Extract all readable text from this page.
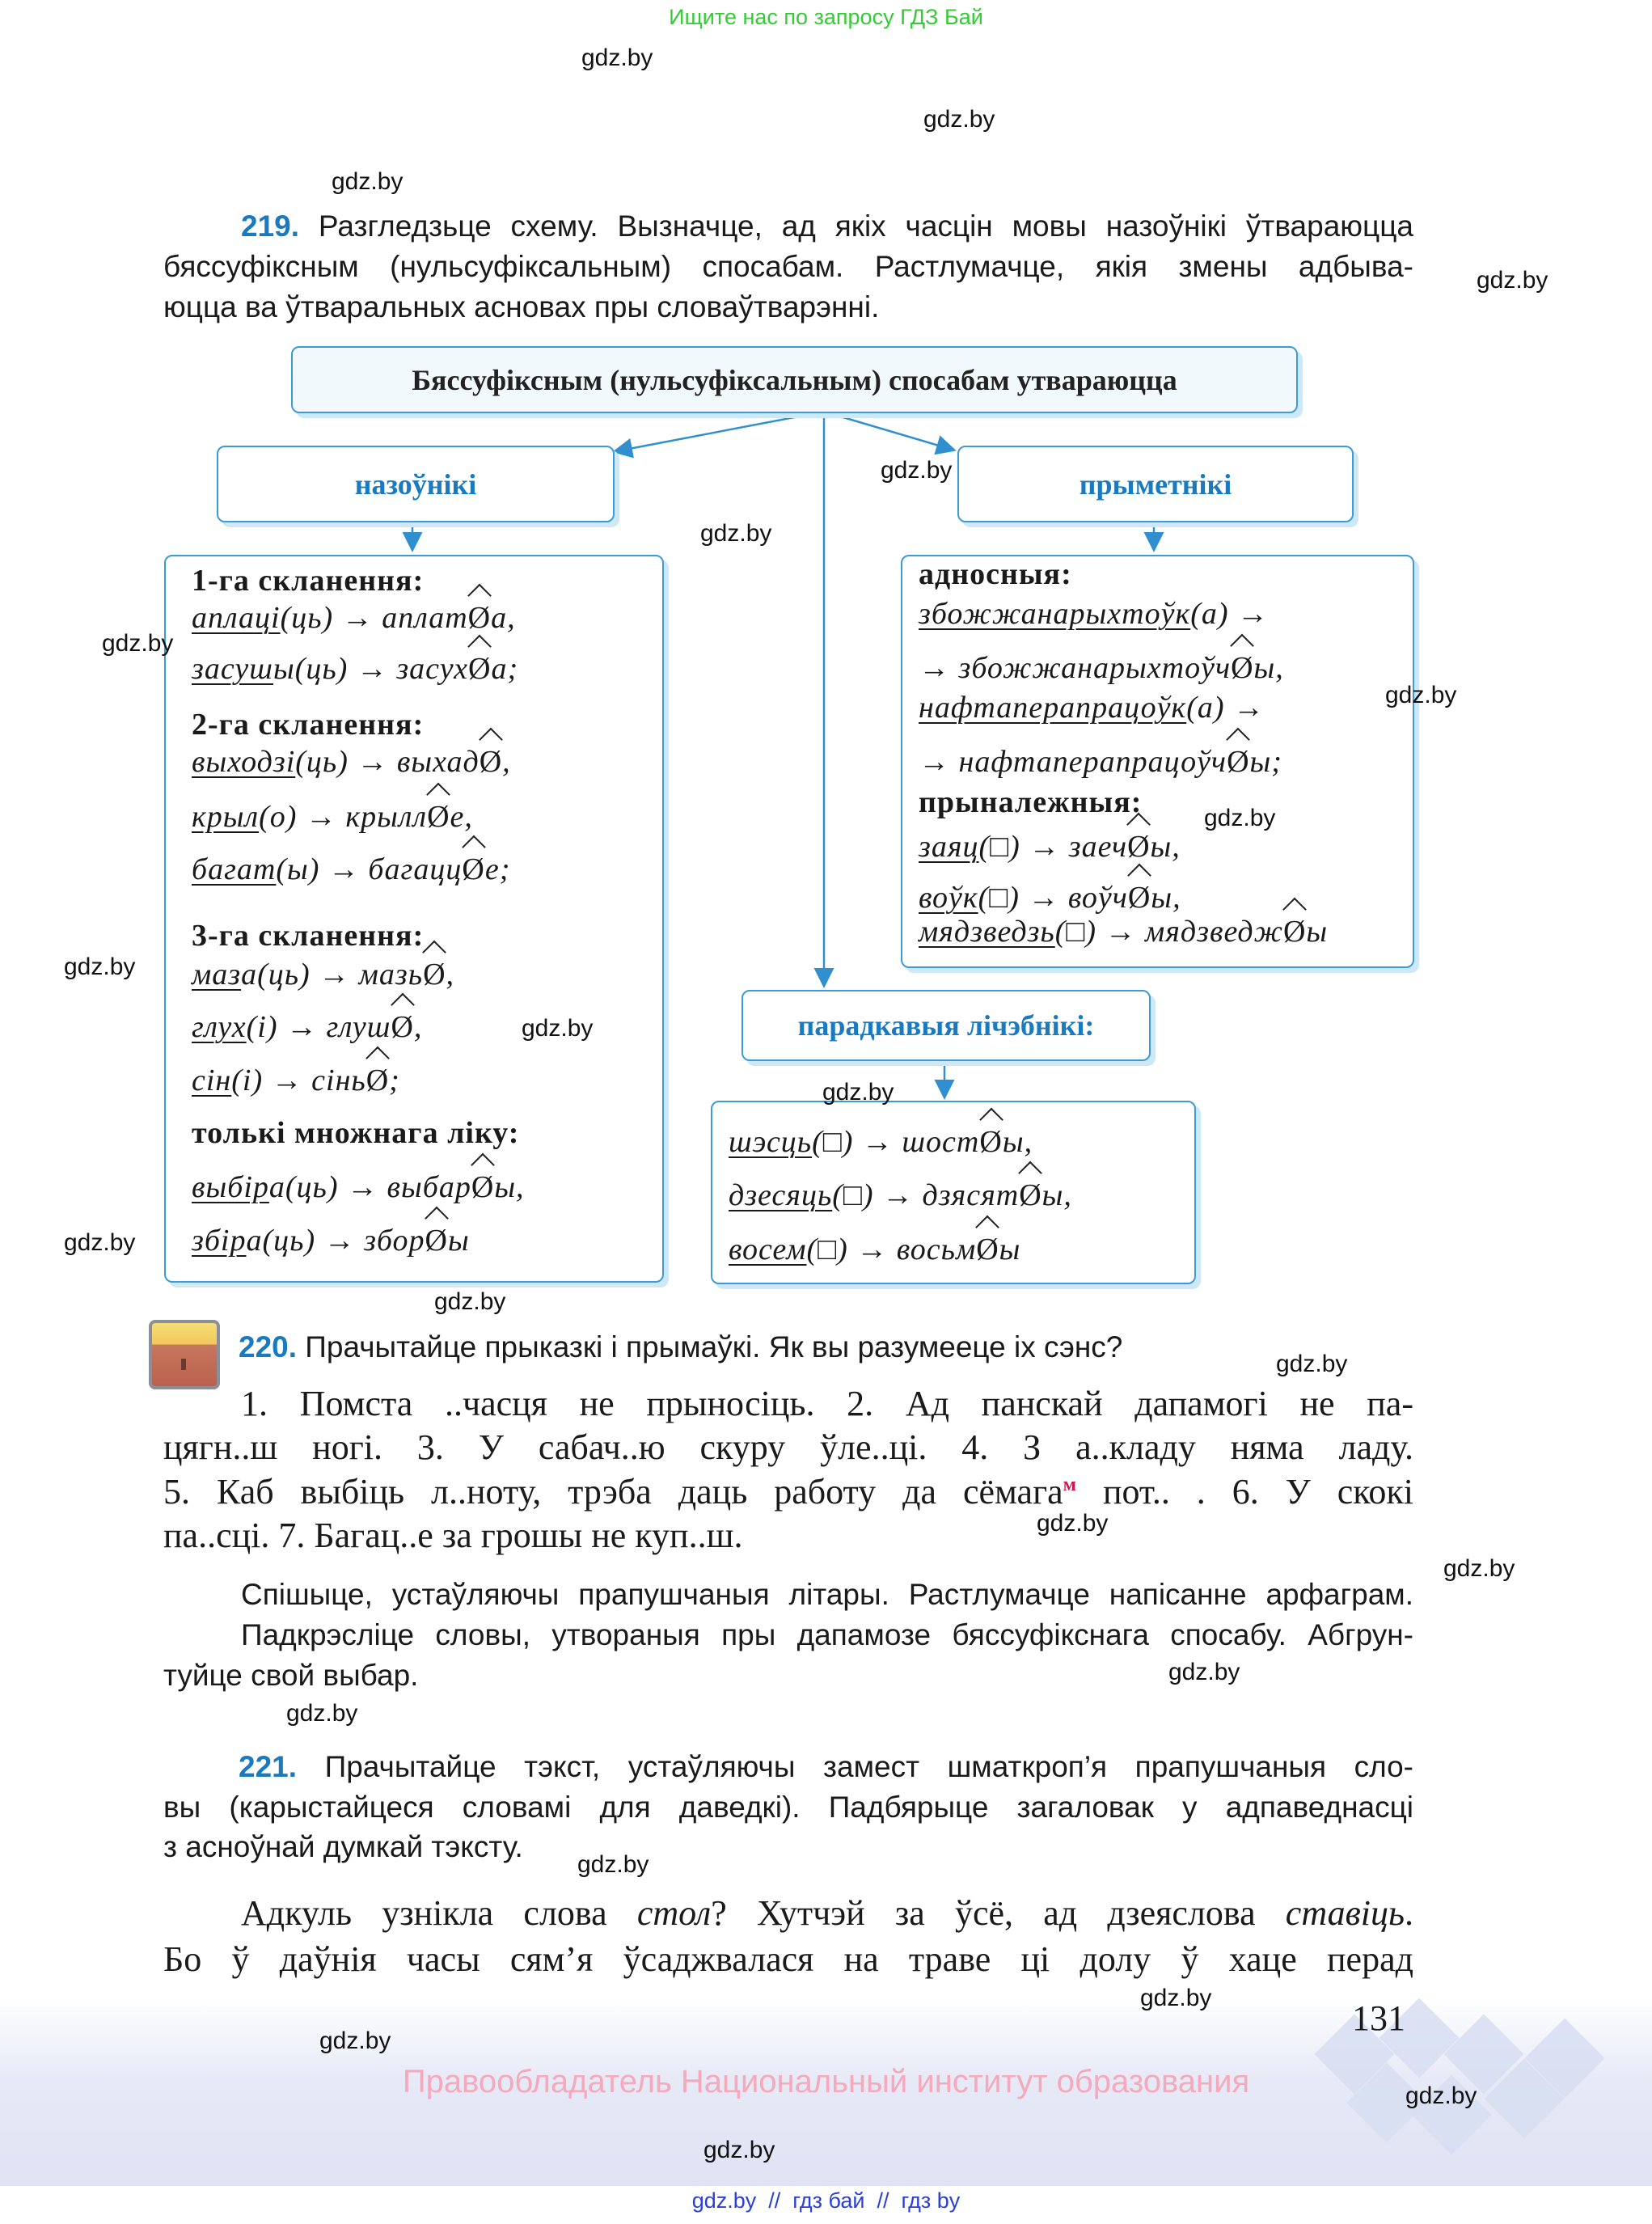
Ищите нас по запросу ГДЗ Бай
219. Разгледзьце схему. Вызначце, ад якіх часцін мовы назоўнікі ўтвараюцца
бяссуфіксным (нульсуфіксальным) спосабам. Растлумачце, якія змены адбыва-
юцца ва ўтваральных асновах пры словаўтварэнні.
Бяссуфіксным (нульсуфіксальным) спосабам утвараюцца
назоўнікі	прыметнікі
парадкавыя лічэбнікі:
220. Прачытайце прыказкі і прымаўкі. Як вы разумееце іх сэнс?
1. Помста ..часця не прыносіць. 2. Ад панскай дапамогі не па-
цягн..ш ногі. 3. У сабач..ю скуру ўле..ці. 4. З а..кладу няма ладу.
5. Каб выбіць л..ноту, трэба даць работу да сёмага$^м$ пот.. . 6. У скокі
па..сці. 7. Багац..е за грошы не куп..ш.
Спішыце, устаўляючы прапушчаныя літары. Растлумачце напісанне арфаграм.
Падкрэсліце словы, утвораныя пры дапамозе бяссуфікснага спосабу. Абгрун-
туйце свой выбар.
221. Прачытайце тэкст, устаўляючы замест шматкроп’я прапушчаныя сло-
вы (карыстайцеся словамі для даведкі). Падбярыце загаловак у адпаведнасці
з асноўнай думкай тэксту.
Адкуль узнікла слова стол? Хутчэй за ўсё, ад дзеяслова ставіць.
Бо ў даўнія часы сям’я ўсаджвалася на траве ці долу ў хаце перад
131
Правообладатель Национальный институт образования
gdz.by  //  гдз бай  //  гдз by
gdz.by
gdz.by
gdz.by
gdz.by
gdz.by
gdz.by
gdz.by
gdz.by
gdz.by
gdz.by
gdz.by
gdz.by
gdz.by
gdz.by
gdz.by
gdz.by
gdz.by
gdz.by
gdz.by
gdz.by
gdz.by
gdz.by
gdz.by
gdz.by
1-га скланення:
аплаці(ць) → аплатØа,
засушы(ць) → засухØа;
2-га скланення:
выходзі(ць) → выхадØ,
крыл(о) → крыллØе,
багат(ы) → багаццØе;
3-га скланення:
маза(ць) → мазьØ,
глух(і) → глушØ,
сін(і) → сіньØ;
толькі множнага ліку:
выбіра(ць) → выбарØы,
збіра(ць) → зборØы
адносныя:
збожжанарыхтоўк(а) →
→ збожжанарыхтоўчØы,
нафтаперапрацоўк(а) →
→ нафтаперапрацоўчØы;
прыналежныя:
заяц(□) → заечØы,
воўк(□) → воўчØы,
мядзведзь(□) → мядзведжØы
шэсць(□) → шостØы,
дзесяць(□) → дзясятØы,
восем(□) → восьмØы
